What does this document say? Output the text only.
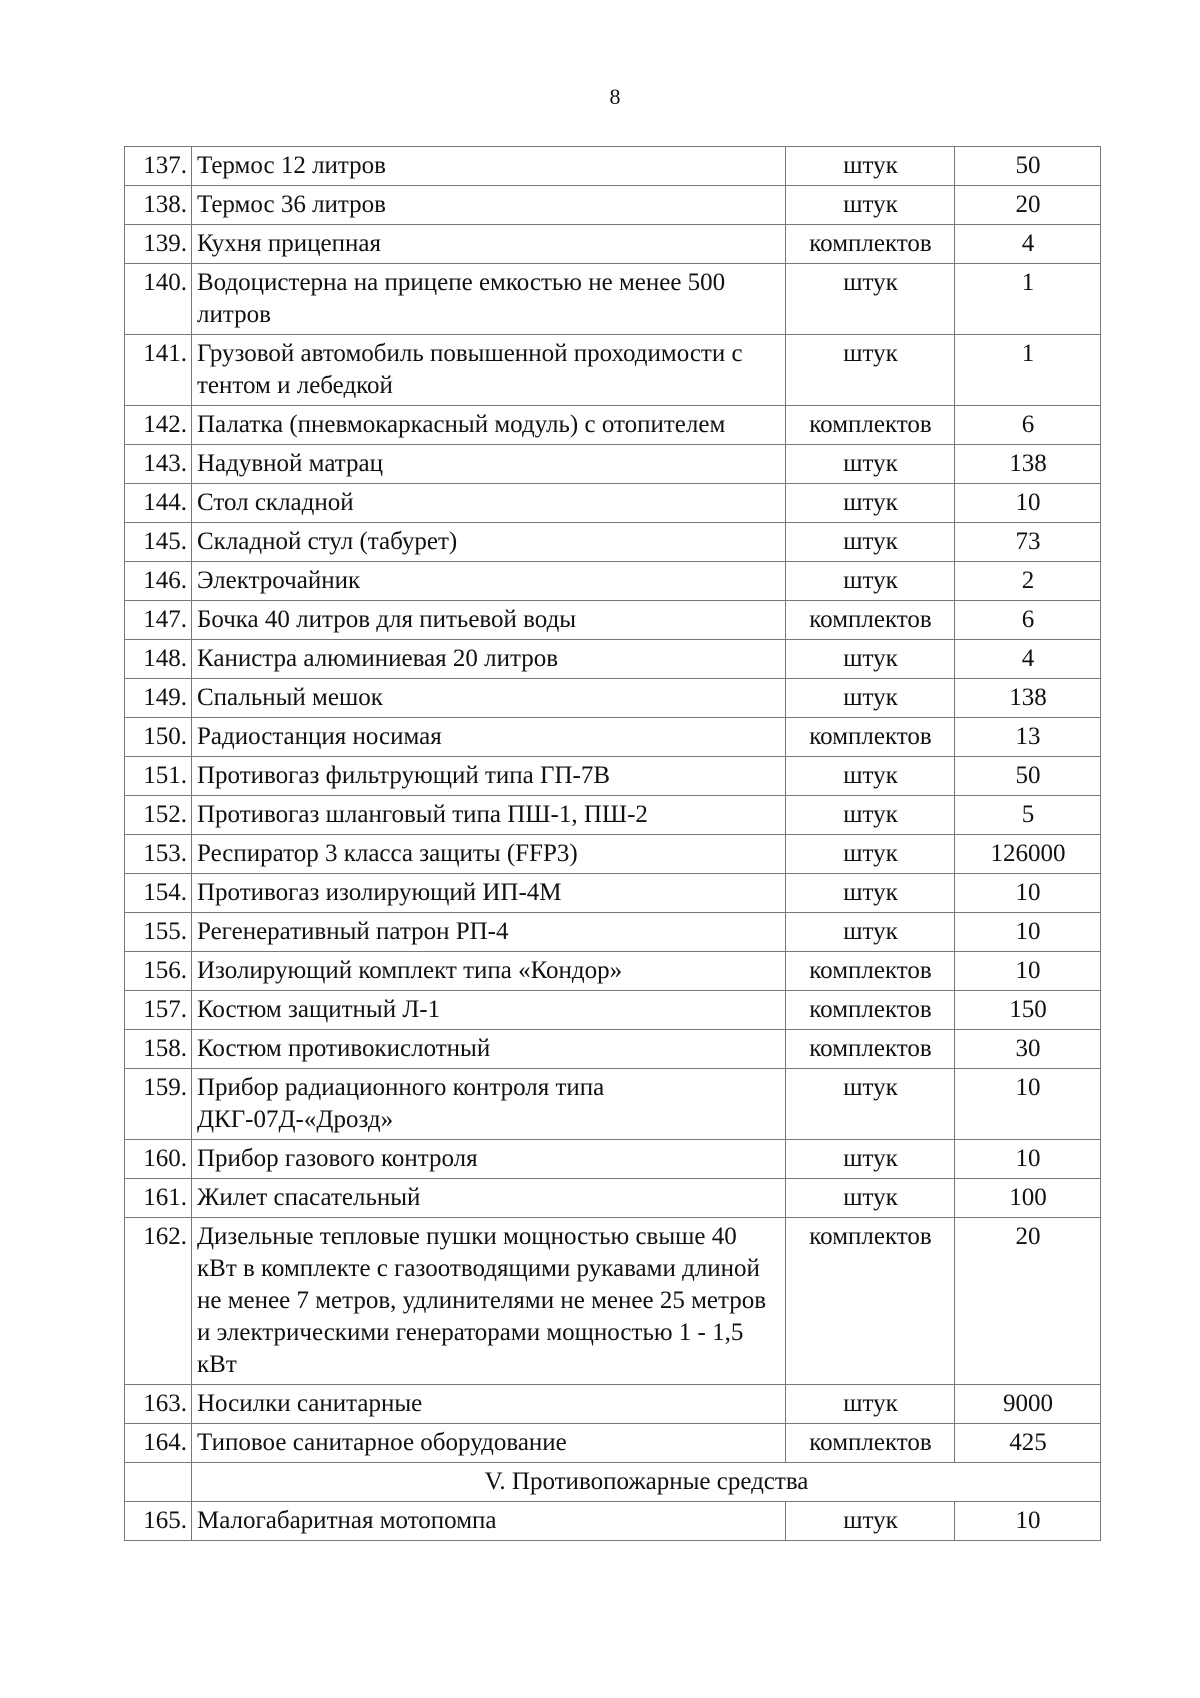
8
137.	Термос 12 литров	штук	50
138.	Термос 36 литров	штук	20
139.	Кухня прицепная	комплектов	4
140.	Водоцистерна на прицепе емкостью не менее 500 литров	штук	1
141.	Грузовой автомобиль повышенной проходимости с тентом и лебедкой	штук	1
142.	Палатка (пневмокаркасный модуль) с отопителем	комплектов	6
143.	Надувной матрац	штук	138
144.	Стол складной	штук	10
145.	Складной стул (табурет)	штук	73
146.	Электрочайник	штук	2
147.	Бочка 40 литров для питьевой воды	комплектов	6
148.	Канистра алюминиевая 20 литров	штук	4
149.	Спальный мешок	штук	138
150.	Радиостанция носимая	комплектов	13
151.	Противогаз фильтрующий типа ГП-7В	штук	50
152.	Противогаз шланговый типа ПШ-1, ПШ-2	штук	5
153.	Респиратор 3 класса защиты (FFP3)	штук	126000
154.	Противогаз изолирующий ИП-4М	штук	10
155.	Регенеративный патрон РП-4	штук	10
156.	Изолирующий комплект типа «Кондор»	комплектов	10
157.	Костюм защитный Л-1	комплектов	150
158.	Костюм противокислотный	комплектов	30
159.	Прибор радиационного контроля типа ДКГ-07Д-«Дрозд»	штук	10
160.	Прибор газового контроля	штук	10
161.	Жилет спасательный	штук	100
162.	Дизельные тепловые пушки мощностью свыше 40 кВт в комплекте с газоотводящими рукавами длиной не менее 7 метров, удлинителями не менее 25 метров и электрическими генераторами мощностью 1 - 1,5 кВт	комплектов	20
163.	Носилки санитарные	штук	9000
164.	Типовое санитарное оборудование	комплектов	425
	V. Противопожарные средства		
165.	Малогабаритная мотопомпа	штук	10
